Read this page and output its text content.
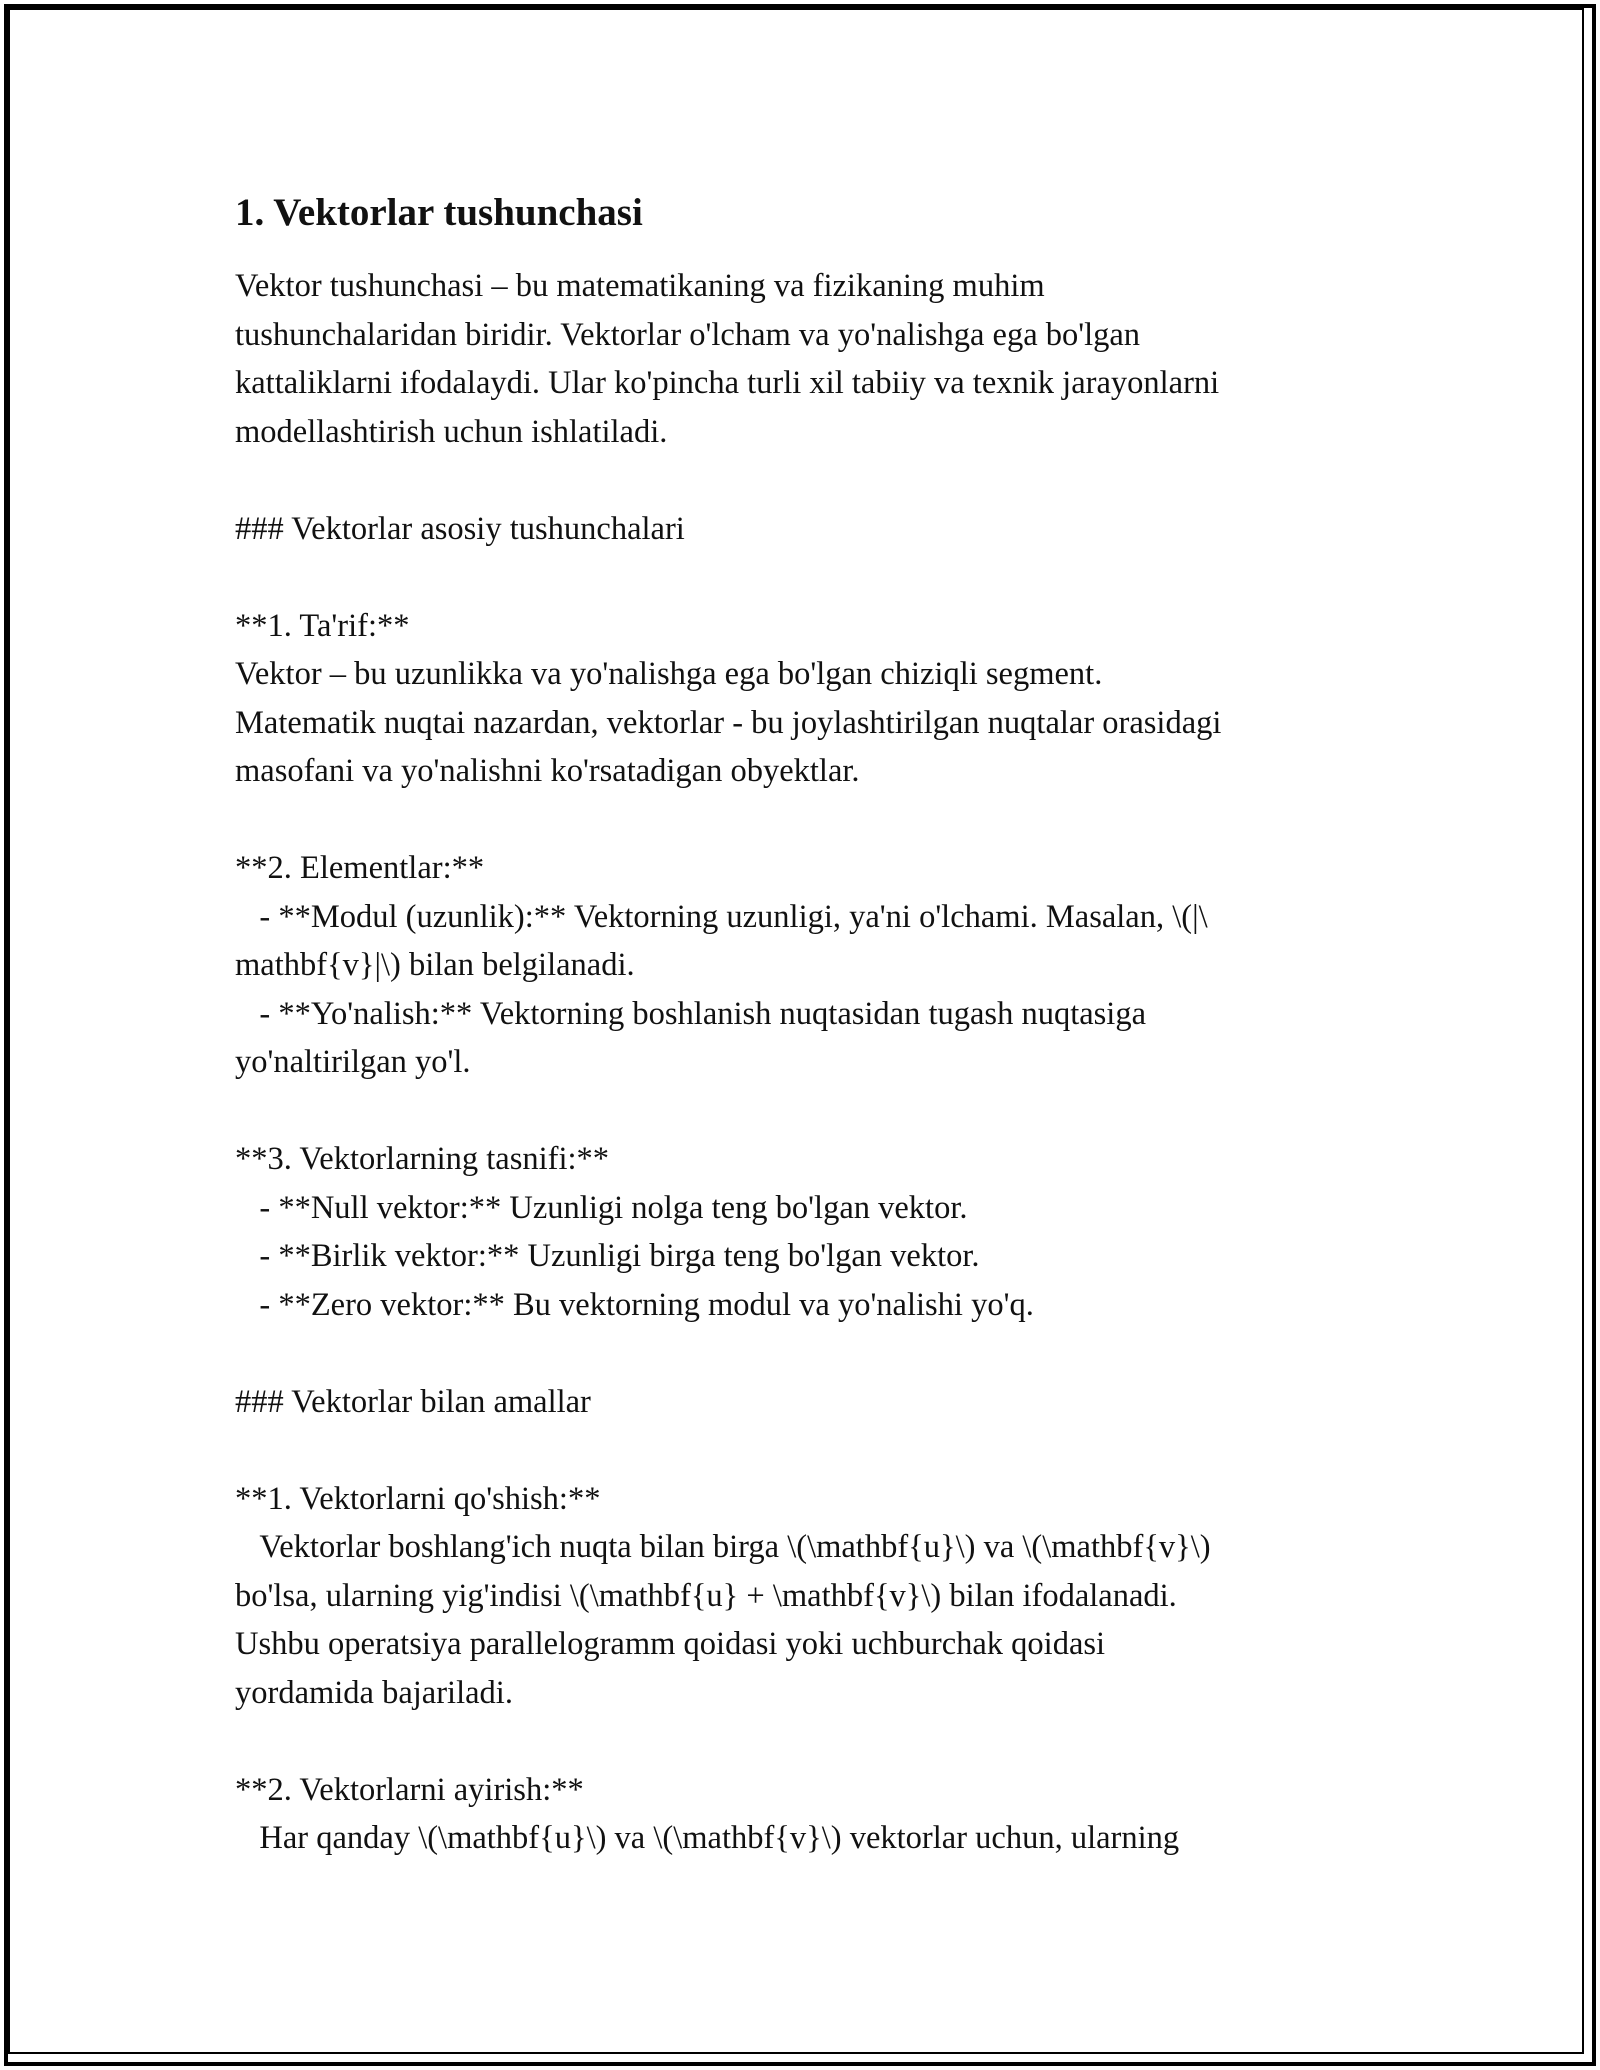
1. Vektorlar tushunchasi

Vektor tushunchasi – bu matematikaning va fizikaning muhim
tushunchalaridan biridir. Vektorlar o'lcham va yo'nalishga ega bo'lgan
kattaliklarni ifodalaydi. Ular ko'pincha turli xil tabiiy va texnik jarayonlarni
modellashtirish uchun ishlatiladi.

### Vektorlar asosiy tushunchalari

**1. Ta'rif:**
Vektor – bu uzunlikka va yo'nalishga ega bo'lgan chiziqli segment.
Matematik nuqtai nazardan, vektorlar - bu joylashtirilgan nuqtalar orasidagi
masofani va yo'nalishni ko'rsatadigan obyektlar.

**2. Elementlar:**
- **Modul (uzunlik):** Vektorning uzunligi, ya'ni o'lchami. Masalan, \(|\
mathbf{v}|\) bilan belgilanadi.
- **Yo'nalish:** Vektorning boshlanish nuqtasidan tugash nuqtasiga
yo'naltirilgan yo'l.

**3. Vektorlarning tasnifi:**
- **Null vektor:** Uzunligi nolga teng bo'lgan vektor.
- **Birlik vektor:** Uzunligi birga teng bo'lgan vektor.
- **Zero vektor:** Bu vektorning modul va yo'nalishi yo'q.

### Vektorlar bilan amallar

**1. Vektorlarni qo'shish:**
Vektorlar boshlang'ich nuqta bilan birga \(\mathbf{u}\) va \(\mathbf{v}\)
bo'lsa, ularning yig'indisi \(\mathbf{u} + \mathbf{v}\) bilan ifodalanadi.
Ushbu operatsiya parallelogramm qoidasi yoki uchburchak qoidasi
yordamida bajariladi.

**2. Vektorlarni ayirish:**
Har qanday \(\mathbf{u}\) va \(\mathbf{v}\) vektorlar uchun, ularning
